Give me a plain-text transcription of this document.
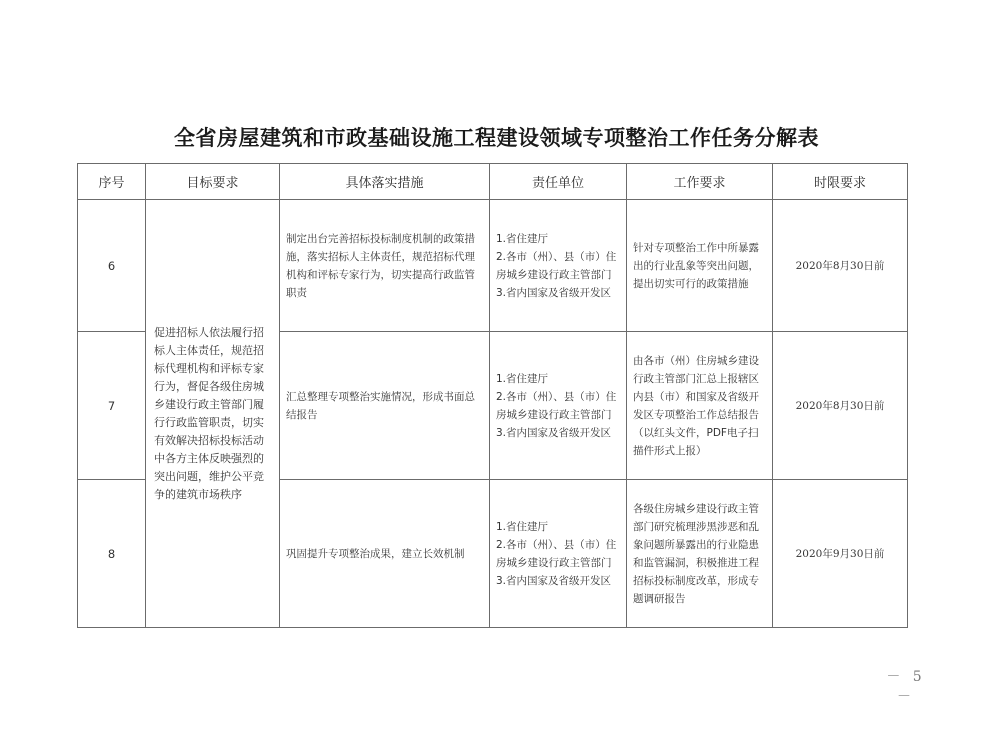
全省房屋建筑和市政基础设施工程建设领域专项整治工作任务分解表
序号	目标要求	具体落实措施	责任单位	工作要求	时限要求
6	促进招标人依法履行招标人主体责任，规范招标代理机构和评标专家行为，督促各级住房城乡建设行政主管部门履行行政监管职责，切实有效解决招标投标活动中各方主体反映强烈的突出问题，维护公平竞争的建筑市场秩序	制定出台完善招标投标制度机制的政策措施，落实招标人主体责任，规范招标代理机构和评标专家行为，切实提高行政监管职责	1.省住建厅
2.各市（州）、县（市）住房城乡建设行政主管部门
3.省内国家及省级开发区	针对专项整治工作中所暴露出的行业乱象等突出问题，提出切实可行的政策措施	2020年8月30日前
7		汇总整理专项整治实施情况，形成书面总结报告	1.省住建厅
2.各市（州）、县（市）住房城乡建设行政主管部门
3.省内国家及省级开发区	由各市（州）住房城乡建设行政主管部门汇总上报辖区内县（市）和国家及省级开发区专项整治工作总结报告（以红头文件，PDF电子扫描件形式上报）	2020年8月30日前
8		巩固提升专项整治成果，建立长效机制	1.省住建厅
2.各市（州）、县（市）住房城乡建设行政主管部门
3.省内国家及省级开发区	各级住房城乡建设行政主管部门研究梳理涉黑涉恶和乱象问题所暴露出的行业隐患和监管漏洞，积极推进工程招标投标制度改革，形成专题调研报告	2020年9月30日前
－ 5 －
